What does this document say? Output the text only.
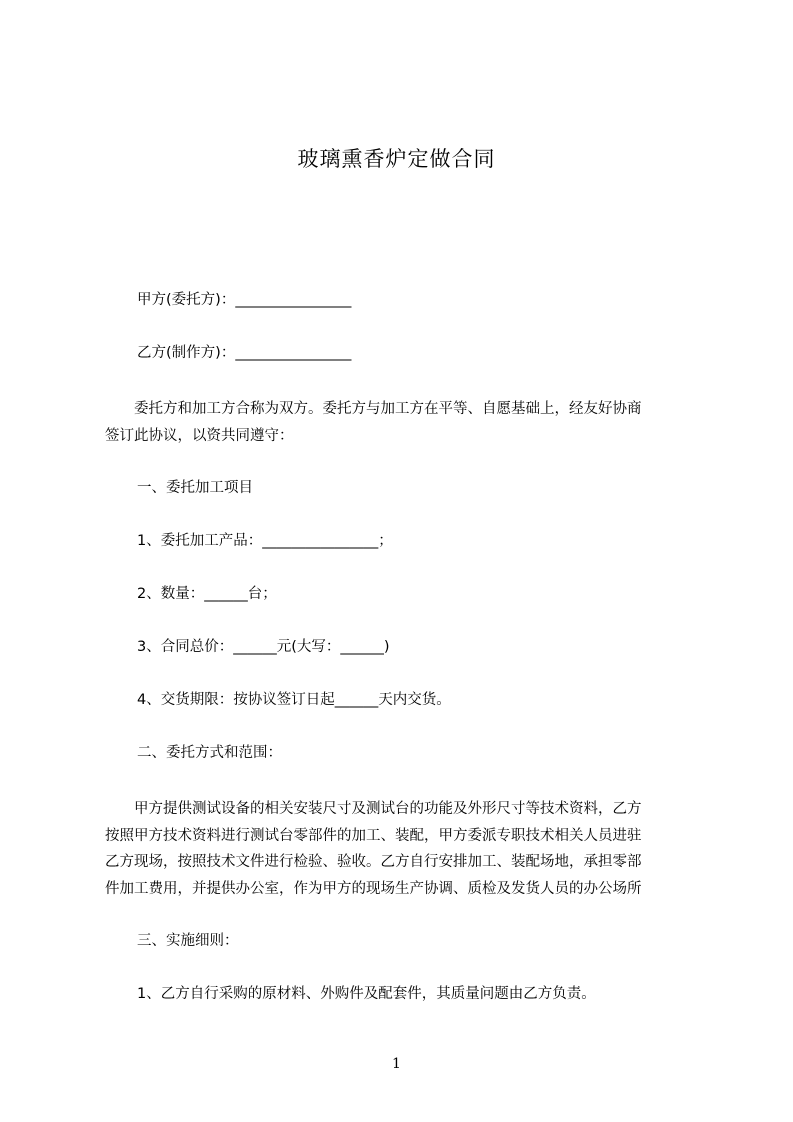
玻璃熏香炉定做合同
甲方(委托方)：________________
乙方(制作方)：________________
　　委托方和加工方合称为双方。委托方与加工方在平等、自愿基础上，经友好协商
签订此协议，以资共同遵守：
一、委托加工项目
1、委托加工产品：________________；
2、数量：______台；
3、合同总价：______元(大写：______)
4、交货期限：按协议签订日起______天内交货。
二、委托方式和范围：
　　甲方提供测试设备的相关安装尺寸及测试台的功能及外形尺寸等技术资料，乙方
按照甲方技术资料进行测试台零部件的加工、装配，甲方委派专职技术相关人员进驻
乙方现场，按照技术文件进行检验、验收。乙方自行安排加工、装配场地，承担零部
件加工费用，并提供办公室，作为甲方的现场生产协调、质检及发货人员的办公场所
三、实施细则：
1、乙方自行采购的原材料、外购件及配套件，其质量问题由乙方负责。
1
